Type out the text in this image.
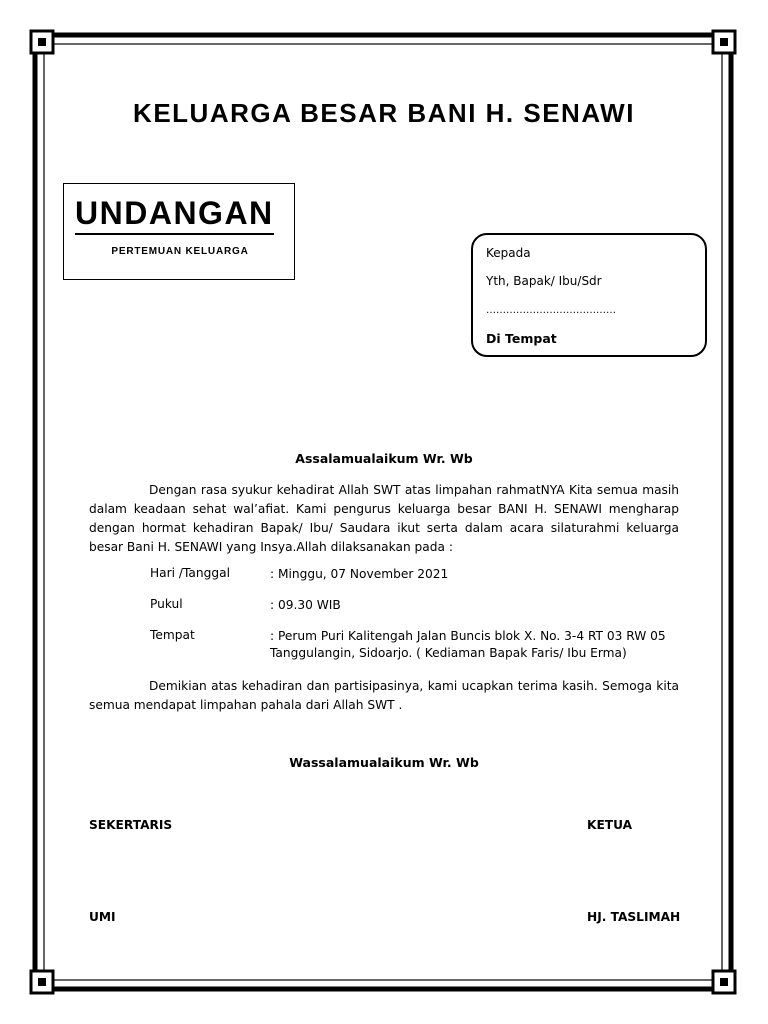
KELUARGA BESAR BANI H. SENAWI
UNDANGAN
PERTEMUAN KELUARGA	Kepada
Yth, Bapak/ Ibu/Sdr
…………………………………
Di Tempat
Assalamualaikum Wr. Wb
Dengan rasa syukur kehadirat Allah SWT atas limpahan rahmatNYA Kita semua masih dalam keadaan sehat wal’afiat. Kami pengurus keluarga besar BANI H. SENAWI mengharap dengan hormat kehadiran Bapak/ Ibu/ Saudara ikut serta dalam acara silaturahmi keluarga besar Bani H. SENAWI yang Insya.Allah dilaksanakan pada :
Hari /Tanggal	: Minggu, 07 November 2021
Pukul	: 09.30 WIB
Tempat	: Perum Puri Kalitengah Jalan Buncis blok X. No. 3-4 RT 03 RW 05 Tanggulangin, Sidoarjo. ( Kediaman Bapak Faris/ Ibu Erma)
Demikian atas kehadiran dan partisipasinya, kami ucapkan terima kasih. Semoga kita semua mendapat limpahan pahala dari Allah SWT .
Wassalamualaikum Wr. Wb
SEKERTARIS	KETUA
UMI	HJ. TASLIMAH
